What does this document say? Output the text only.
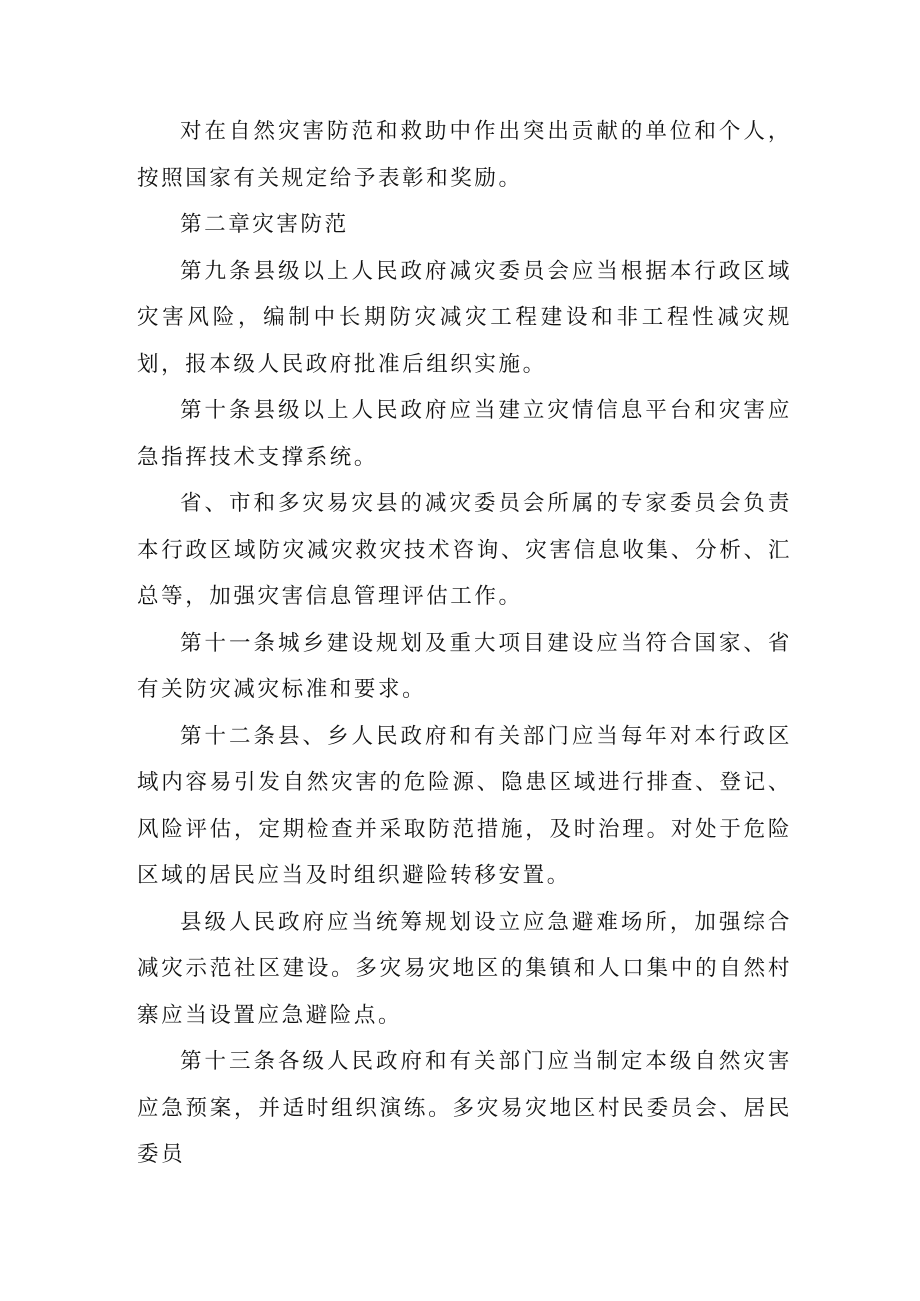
对在自然灾害防范和救助中作出突出贡献的单位和个人，按照国家有关规定给予表彰和奖励。

第二章灾害防范

第九条县级以上人民政府减灾委员会应当根据本行政区域灾害风险，编制中长期防灾减灾工程建设和非工程性减灾规划，报本级人民政府批准后组织实施。

第十条县级以上人民政府应当建立灾情信息平台和灾害应急指挥技术支撑系统。

省、市和多灾易灾县的减灾委员会所属的专家委员会负责本行政区域防灾减灾救灾技术咨询、灾害信息收集、分析、汇总等，加强灾害信息管理评估工作。

第十一条城乡建设规划及重大项目建设应当符合国家、省有关防灾减灾标准和要求。

第十二条县、乡人民政府和有关部门应当每年对本行政区域内容易引发自然灾害的危险源、隐患区域进行排查、登记、风险评估，定期检查并采取防范措施，及时治理。对处于危险区域的居民应当及时组织避险转移安置。

县级人民政府应当统筹规划设立应急避难场所，加强综合减灾示范社区建设。多灾易灾地区的集镇和人口集中的自然村寨应当设置应急避险点。

第十三条各级人民政府和有关部门应当制定本级自然灾害应急预案，并适时组织演练。多灾易灾地区村民委员会、居民委员
